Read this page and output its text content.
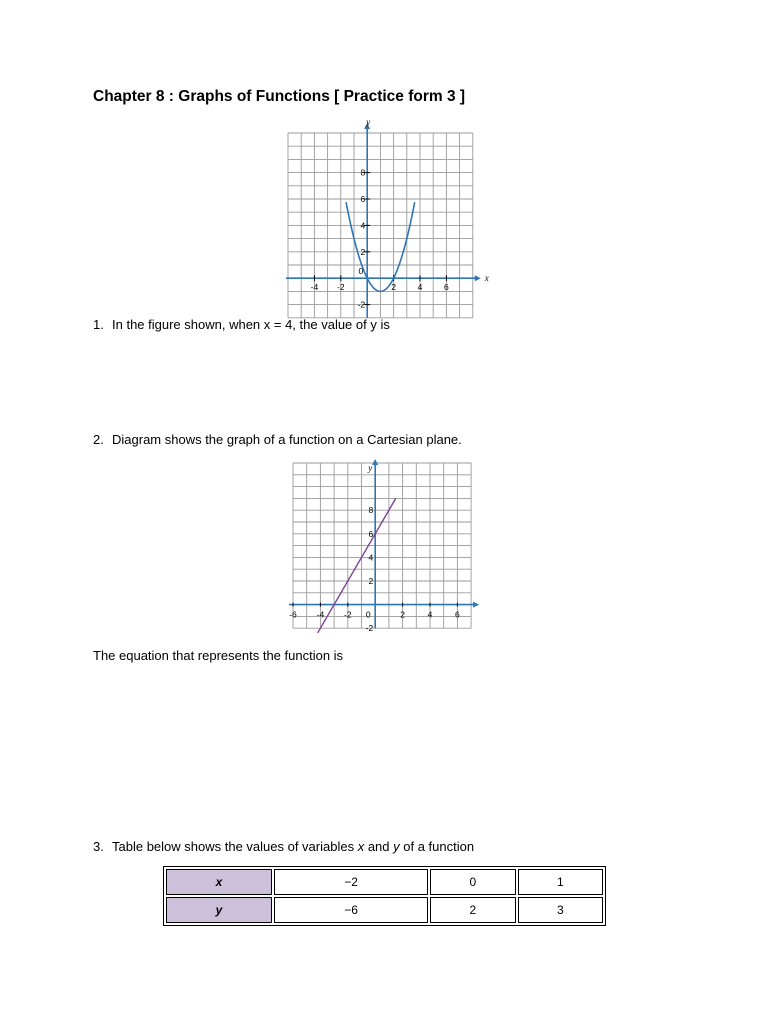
Chapter 8 : Graphs of Functions [ Practice form 3 ]
y
x
-4 -2	2	4	6
8
6
4
2
-2
0
1. In the figure shown, when x = 4, the value of y is
2. Diagram shows the graph of a function on a Cartesian plane.
y
-6 -4 -2	2	4	6
0
8
6
4
2
-2
The equation that represents the function is
3. Table below shows the values of variables x and y of a function
x	−2	0	1
y	−6	2	3
